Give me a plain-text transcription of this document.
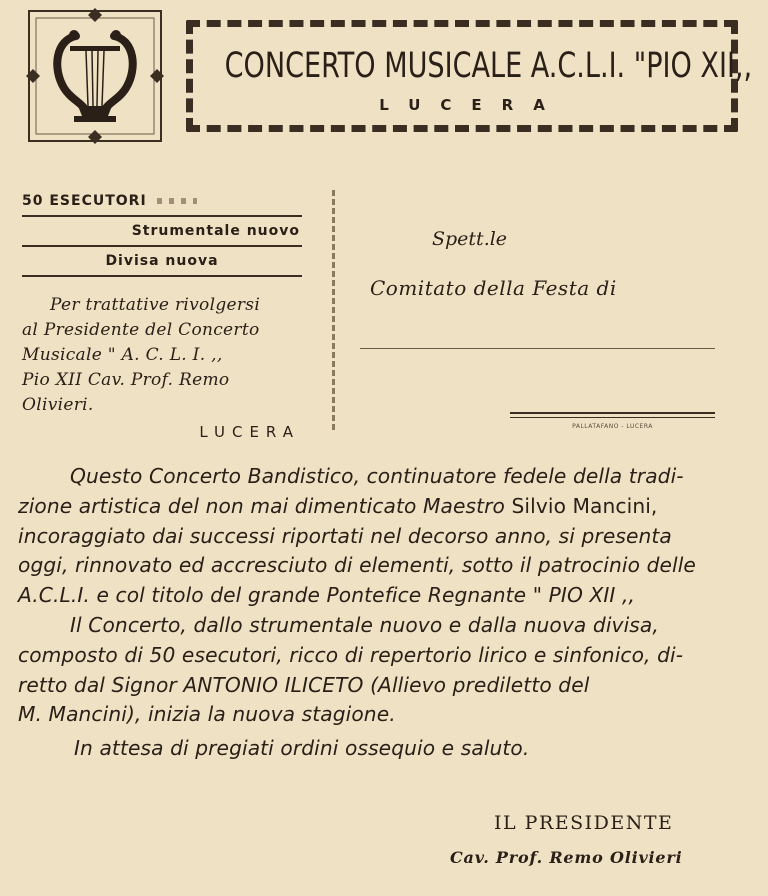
CONCERTO MUSICALE A.C.L.I. "PIO XII,,
LUCERA
50 ESECUTORI
Strumentale nuovo
Divisa nuova
Per trattative rivolgersi
al Presidente del Concerto
Musicale " A. C. L. I. ,,
Pio XII Cav. Prof. Remo
Olivieri.
LUCERA
Spett.le
Comitato della Festa di
PALLATAFANO - LUCERA
Questo Concerto Bandistico, continuatore fedele della tradi-
zione artistica del non mai dimenticato Maestro Silvio Mancini,
incoraggiato dai successi riportati nel decorso anno, si presenta
oggi, rinnovato ed accresciuto di elementi, sotto il patrocinio delle
A.C.L.I. e col titolo del grande Pontefice Regnante " PIO XII ,,
Il Concerto, dallo strumentale nuovo e dalla nuova divisa,
composto di 50 esecutori, ricco di repertorio lirico e sinfonico, di-
retto dal Signor ANTONIO ILICETO (Allievo prediletto del
M. Mancini), inizia la nuova stagione.
In attesa di pregiati ordini ossequio e saluto.
IL PRESIDENTE
Cav. Prof. Remo Olivieri
